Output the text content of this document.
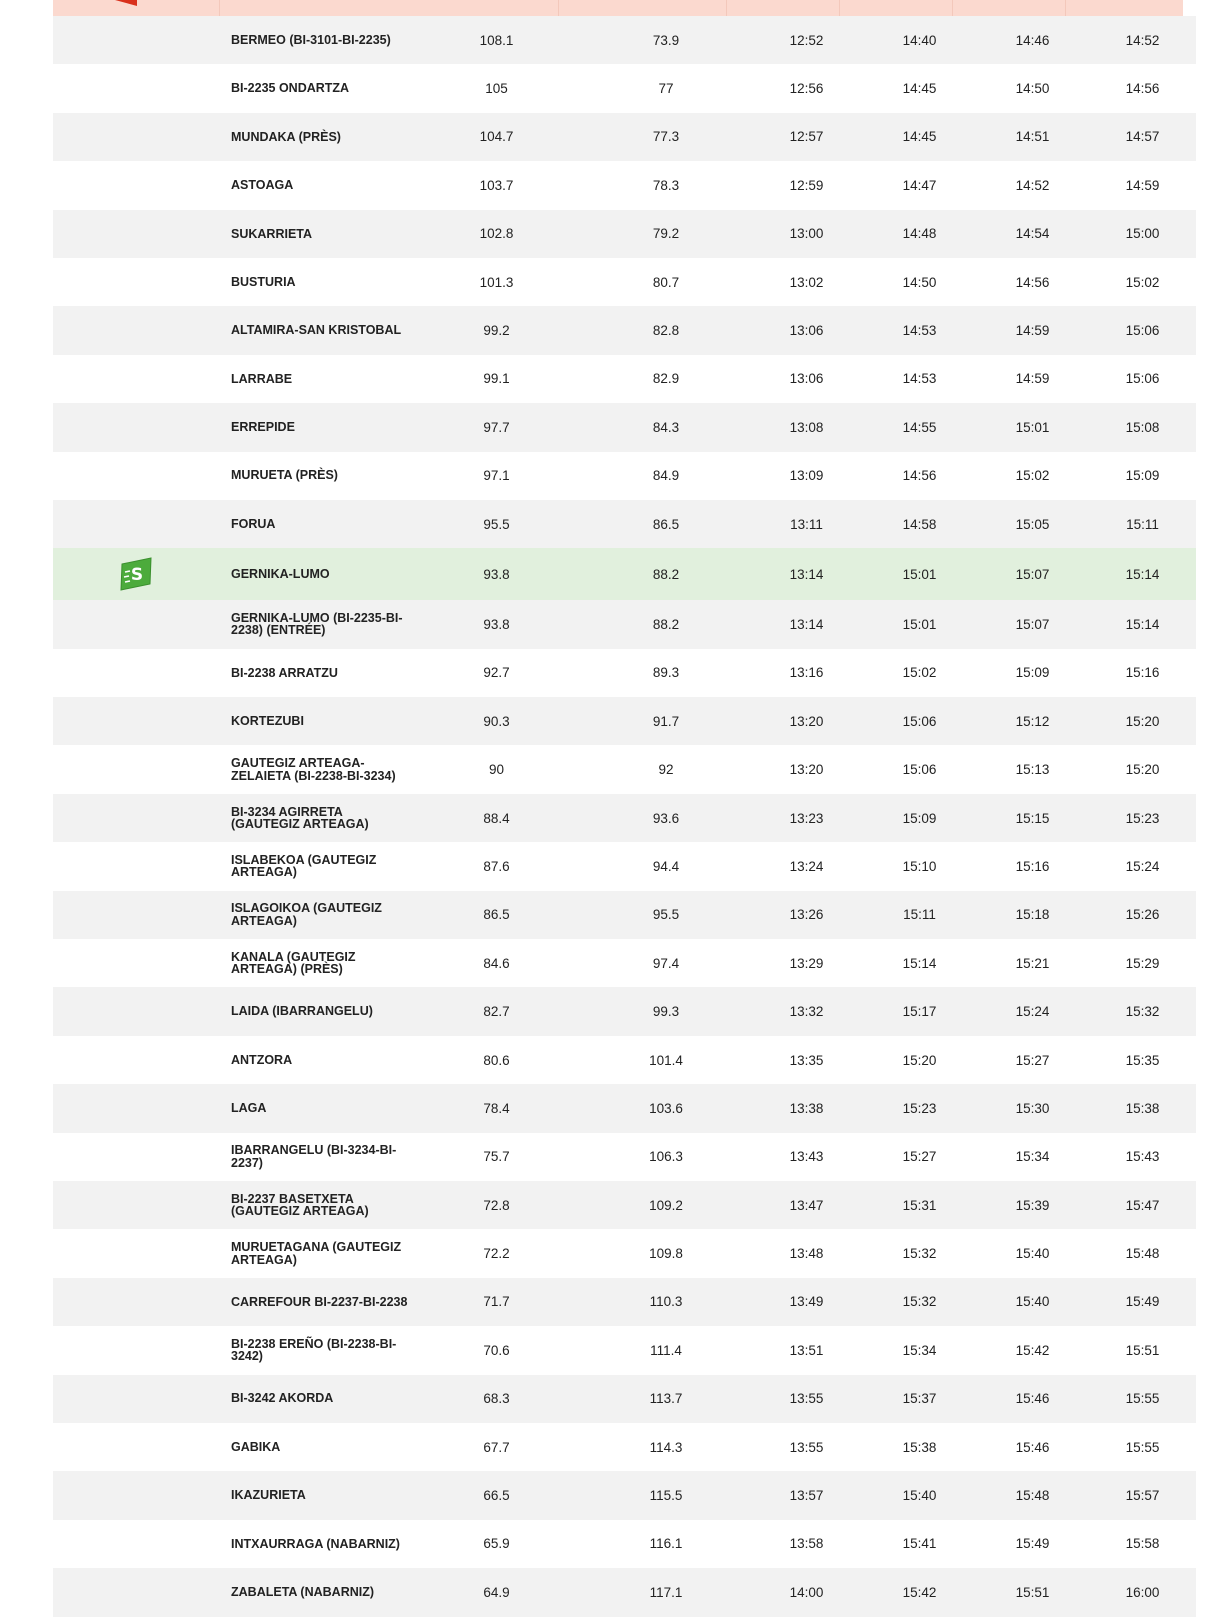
	BERMEO (BI-3101-BI-2235)	108.1	73.9	12:52	14:40	14:46	14:52
	BI-2235 ONDARTZA	105	77	12:56	14:45	14:50	14:56
	MUNDAKA (PRÈS)	104.7	77.3	12:57	14:45	14:51	14:57
	ASTOAGA	103.7	78.3	12:59	14:47	14:52	14:59
	SUKARRIETA	102.8	79.2	13:00	14:48	14:54	15:00
	BUSTURIA	101.3	80.7	13:02	14:50	14:56	15:02
	ALTAMIRA-SAN KRISTOBAL	99.2	82.8	13:06	14:53	14:59	15:06
	LARRABE	99.1	82.9	13:06	14:53	14:59	15:06
	ERREPIDE	97.7	84.3	13:08	14:55	15:01	15:08
	MURUETA (PRÈS)	97.1	84.9	13:09	14:56	15:02	15:09
	FORUA	95.5	86.5	13:11	14:58	15:05	15:11

S	GERNIKA-LUMO	93.8	88.2	13:14	15:01	15:07	15:14
	GERNIKA-LUMO (BI-2235-BI-2238) (ENTRÉE)	93.8	88.2	13:14	15:01	15:07	15:14
	BI-2238 ARRATZU	92.7	89.3	13:16	15:02	15:09	15:16
	KORTEZUBI	90.3	91.7	13:20	15:06	15:12	15:20
	GAUTEGIZ ARTEAGA-ZELAIETA (BI-2238-BI-3234)	90	92	13:20	15:06	15:13	15:20
	BI-3234 AGIRRETA (GAUTEGIZ ARTEAGA)	88.4	93.6	13:23	15:09	15:15	15:23
	ISLABEKOA (GAUTEGIZ ARTEAGA)	87.6	94.4	13:24	15:10	15:16	15:24
	ISLAGOIKOA (GAUTEGIZ ARTEAGA)	86.5	95.5	13:26	15:11	15:18	15:26
	KANALA (GAUTEGIZ ARTEAGA) (PRÈS)	84.6	97.4	13:29	15:14	15:21	15:29
	LAIDA (IBARRANGELU)	82.7	99.3	13:32	15:17	15:24	15:32
	ANTZORA	80.6	101.4	13:35	15:20	15:27	15:35
	LAGA	78.4	103.6	13:38	15:23	15:30	15:38
	IBARRANGELU (BI-3234-BI-2237)	75.7	106.3	13:43	15:27	15:34	15:43
	BI-2237 BASETXETA (GAUTEGIZ ARTEAGA)	72.8	109.2	13:47	15:31	15:39	15:47
	MURUETAGANA (GAUTEGIZ ARTEAGA)	72.2	109.8	13:48	15:32	15:40	15:48
	CARREFOUR BI-2237-BI-2238	71.7	110.3	13:49	15:32	15:40	15:49
	BI-2238 EREÑO (BI-2238-BI-3242)	70.6	111.4	13:51	15:34	15:42	15:51
	BI-3242 AKORDA	68.3	113.7	13:55	15:37	15:46	15:55
	GABIKA	67.7	114.3	13:55	15:38	15:46	15:55
	IKAZURIETA	66.5	115.5	13:57	15:40	15:48	15:57
	INTXAURRAGA (NABARNIZ)	65.9	116.1	13:58	15:41	15:49	15:58
	ZABALETA (NABARNIZ)	64.9	117.1	14:00	15:42	15:51	16:00
